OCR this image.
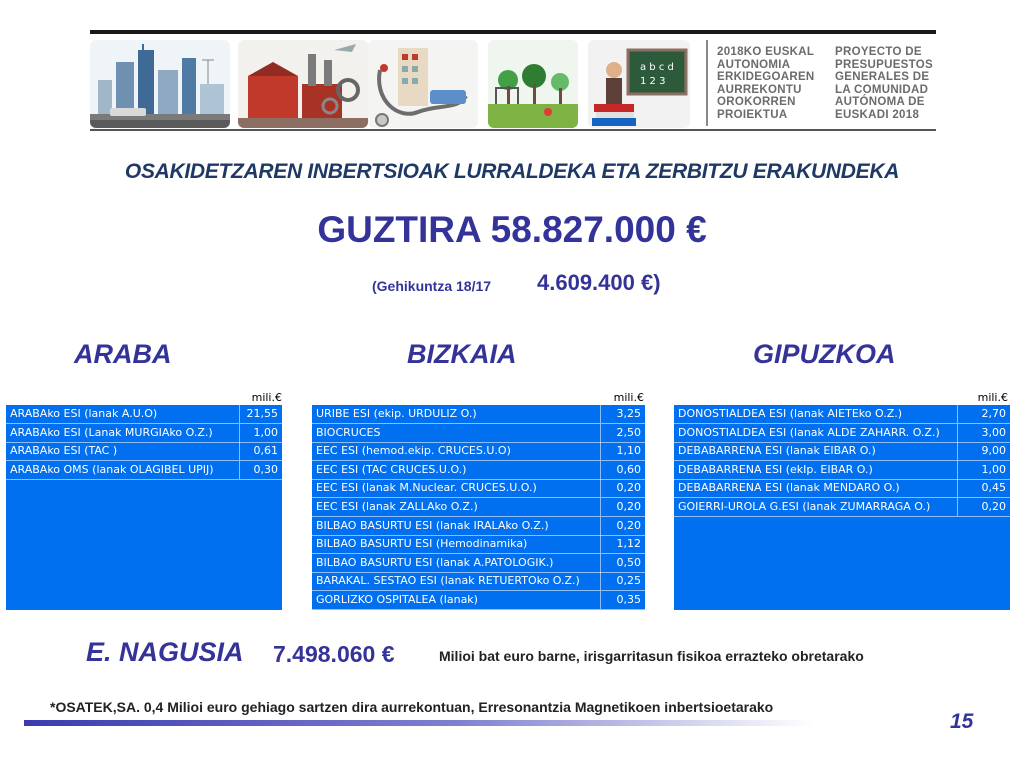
a b c d
1 2 3
2018KO EUSKAL
AUTONOMIA
ERKIDEGOAREN
AURREKONTU
OROKORREN
PROIEKTUA
PROYECTO DE
PRESUPUESTOS
GENERALES DE
LA COMUNIDAD
AUTÓNOMA DE
EUSKADI 2018
OSAKIDETZAREN INBERTSIOAK LURRALDEKA ETA ZERBITZU ERAKUNDEKA
GUZTIRA 58.827.000 €
(Gehikuntza 18/17 4.609.400 €)
ARABA	BIZKAIA	GIPUZKOA
mili.€	mili.€	mili.€
ARABAko ESI (lanak A.U.O)	21,55
ARABAko ESI (Lanak MURGIAko O.Z.)	1,00
ARABAko ESI (TAC )	0,61
ARABAko OMS (lanak OLAGIBEL UPIJ)	0,30
URIBE ESI (ekip. URDULIZ O.)	3,25
BIOCRUCES	2,50
EEC ESI (hemod.ekip. CRUCES.U.O)	1,10
EEC ESI (TAC CRUCES.U.O.)	0,60
EEC ESI (lanak M.Nuclear. CRUCES.U.O.)	0,20
EEC ESI (lanak ZALLAko O.Z.)	0,20
BILBAO BASURTU ESI (lanak IRALAko O.Z.)	0,20
BILBAO BASURTU ESI (Hemodinamika)	1,12
BILBAO BASURTU ESI (lanak A.PATOLOGIK.)	0,50
BARAKAL. SESTAO ESI (lanak RETUERTOko O.Z.)	0,25
GORLIZKO OSPITALEA (lanak)	0,35
DONOSTIALDEA ESI (lanak AIETEko O.Z.)	2,70
DONOSTIALDEA ESI (lanak ALDE ZAHARR. O.Z.)	3,00
DEBABARRENA ESI (lanak EIBAR O.)	9,00
DEBABARRENA ESI (ekIp. EIBAR O.)	1,00
DEBABARRENA ESI (lanak MENDARO O.)	0,45
GOIERRI-UROLA G.ESI (lanak ZUMARRAGA O.)	0,20
E. NAGUSIA 7.498.060 €	Milioi bat euro barne, irisgarritasun fisikoa errazteko obretarako
*OSATEK,SA. 0,4 Milioi euro gehiago sartzen dira aurrekontuan, Erresonantzia Magnetikoen inbertsioetarako
15
